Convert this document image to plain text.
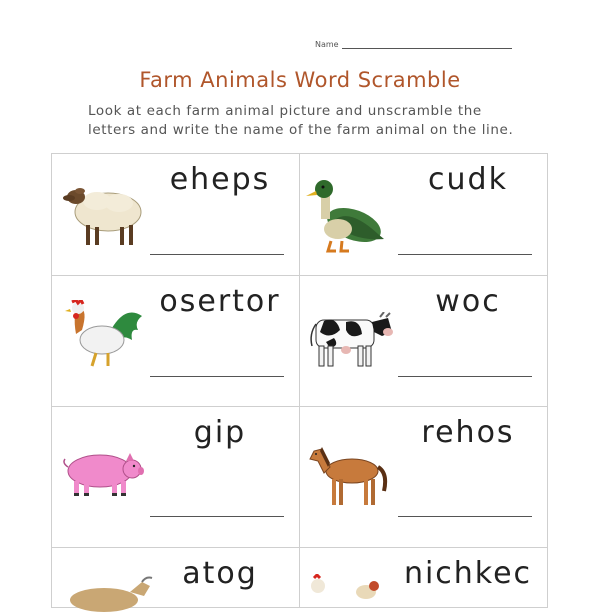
Name
Farm Animals Word Scramble
Look at each farm animal picture and unscramble the letters and write the name of the farm animal on the line.
eheps	cudk
osertor	woc
gip	rehos
atog	nichkec
